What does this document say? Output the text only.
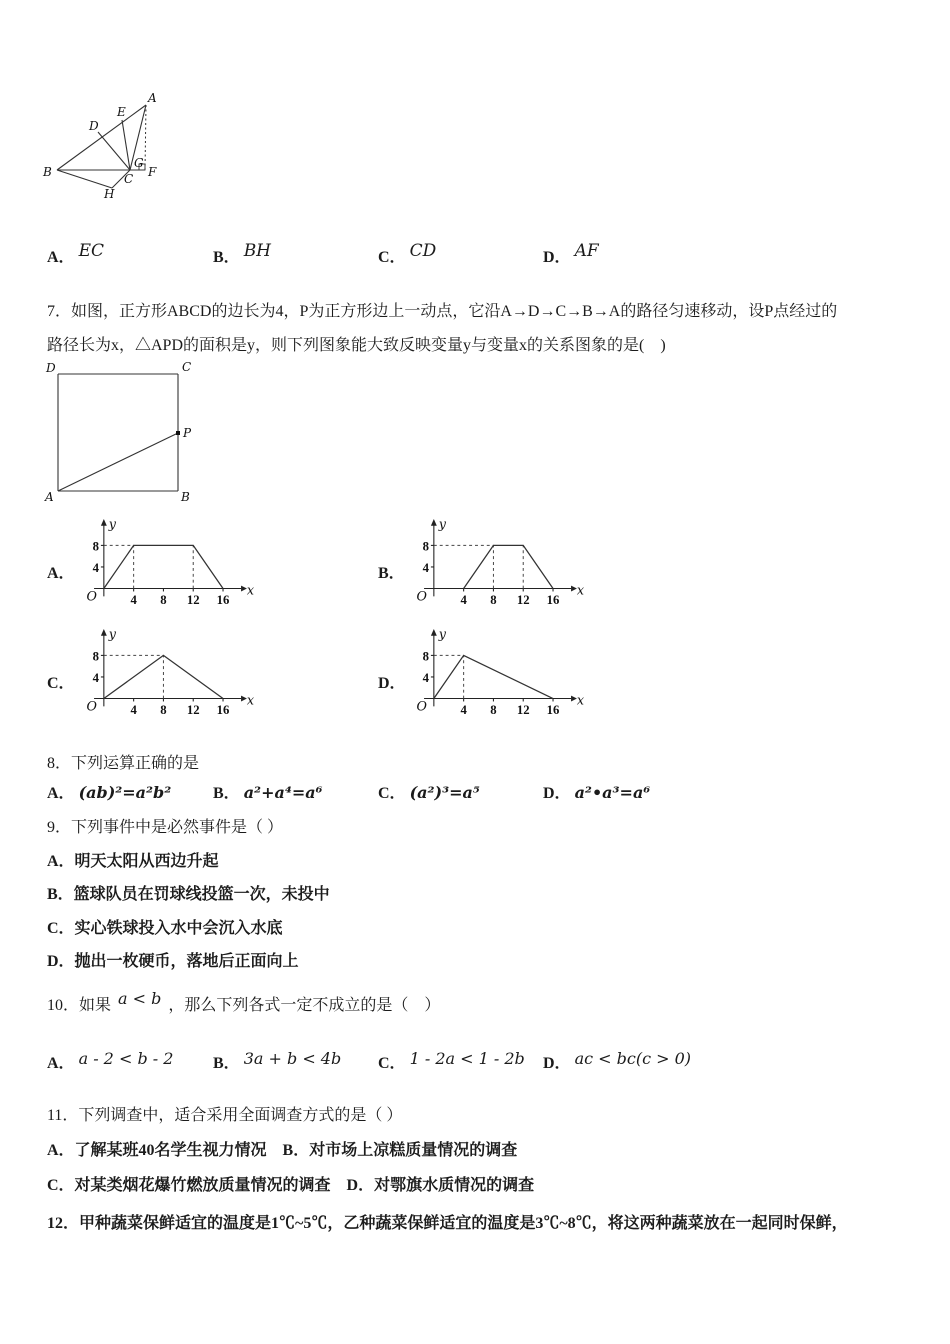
A
B	C
D
E
F
G
H
A． EC	B． BH	C． CD	D． AF
7．如图，正方形ABCD的边长为4，P为正方形边上一动点，它沿A→D→C→B→A的路径匀速移动，设P点经过的
路径长为x，△APD的面积是y，则下列图象能大致反映变量y与变量x的关系图象的是(　)
D	C
A	B
P
A．
y
x
O	4 8 12 16
8
4	B．
y
x
O	4 8 12 16
8
4
C．
y
x
O	4 8 12 16
8
4	D．
y
x
O	4 8 12 16
8
4
8．下列运算正确的是
A． (ab)²=a²b²	B． a²+a⁴=a⁶	C． (a²)³=a⁵	D． a²•a³=a⁶
9．下列事件中是必然事件是（ ）
A．明天太阳从西边升起
B．篮球队员在罚球线投篮一次，未投中
C．实心铁球投入水中会沉入水底
D．抛出一枚硬币，落地后正面向上
10．如果 a < b ，那么下列各式一定不成立的是（　）
A． a - 2 < b - 2 B． 3a + b < 4b C． 1 - 2a < 1 - 2b D． ac < bc(c > 0)
11．下列调查中，适合采用全面调查方式的是（ ）
A．了解某班40名学生视力情况　B．对市场上凉糕质量情况的调查
C．对某类烟花爆竹燃放质量情况的调查　D．对鄂旗水质情况的调查
12．甲种蔬菜保鲜适宜的温度是1℃~5℃，乙种蔬菜保鲜适宜的温度是3℃~8℃，将这两种蔬菜放在一起同时保鲜，
